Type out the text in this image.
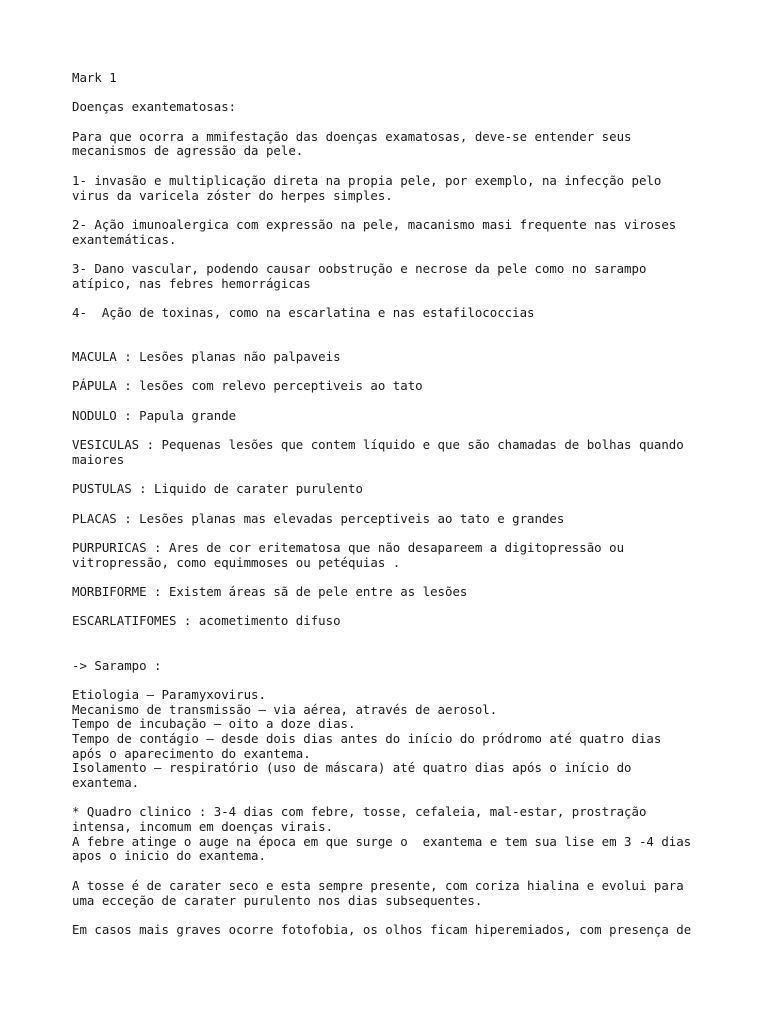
Mark 1
Doenças exantematosas:
Para que ocorra a mmifestação das doenças examatosas, deve-se entender seus
mecanismos de agressão da pele.
1- invasão e multiplicação direta na propia pele, por exemplo, na infecção pelo
virus da varicela zóster do herpes simples.
2- Ação imunoalergica com expressão na pele, macanismo masi frequente nas viroses
exantemáticas.
3- Dano vascular, podendo causar oobstrução e necrose da pele como no sarampo
atípico, nas febres hemorrágicas
4-  Ação de toxinas, como na escarlatina e nas estafilococcias
MACULA : Lesões planas não palpaveis
PÁPULA : lesões com relevo perceptiveis ao tato
NODULO : Papula grande
VESICULAS : Pequenas lesões que contem líquido e que são chamadas de bolhas quando
maiores
PUSTULAS : Liquido de carater purulento
PLACAS : Lesões planas mas elevadas perceptiveis ao tato e grandes
PURPURICAS : Ares de cor eritematosa que não desapareem a digitopressão ou
vitropressão, como equimmoses ou petéquias .
MORBIFORME : Existem áreas sã de pele entre as lesões
ESCARLATIFOMES : acometimento difuso
-> Sarampo :
Etiologia – Paramyxovirus.
Mecanismo de transmissão – via aérea, através de aerosol.
Tempo de incubação – oito a doze dias.
Tempo de contágio – desde dois dias antes do início do pródromo até quatro dias
após o aparecimento do exantema.
Isolamento – respiratório (uso de máscara) até quatro dias após o início do
exantema.
* Quadro clinico : 3-4 dias com febre, tosse, cefaleia, mal-estar, prostração
intensa, incomum em doenças virais.
A febre atinge o auge na época em que surge o  exantema e tem sua lise em 3 -4 dias
apos o inicio do exantema.
A tosse é de carater seco e esta sempre presente, com coriza hialina e evolui para
uma ecceção de carater purulento nos dias subsequentes.
Em casos mais graves ocorre fotofobia, os olhos ficam hiperemiados, com presença de
